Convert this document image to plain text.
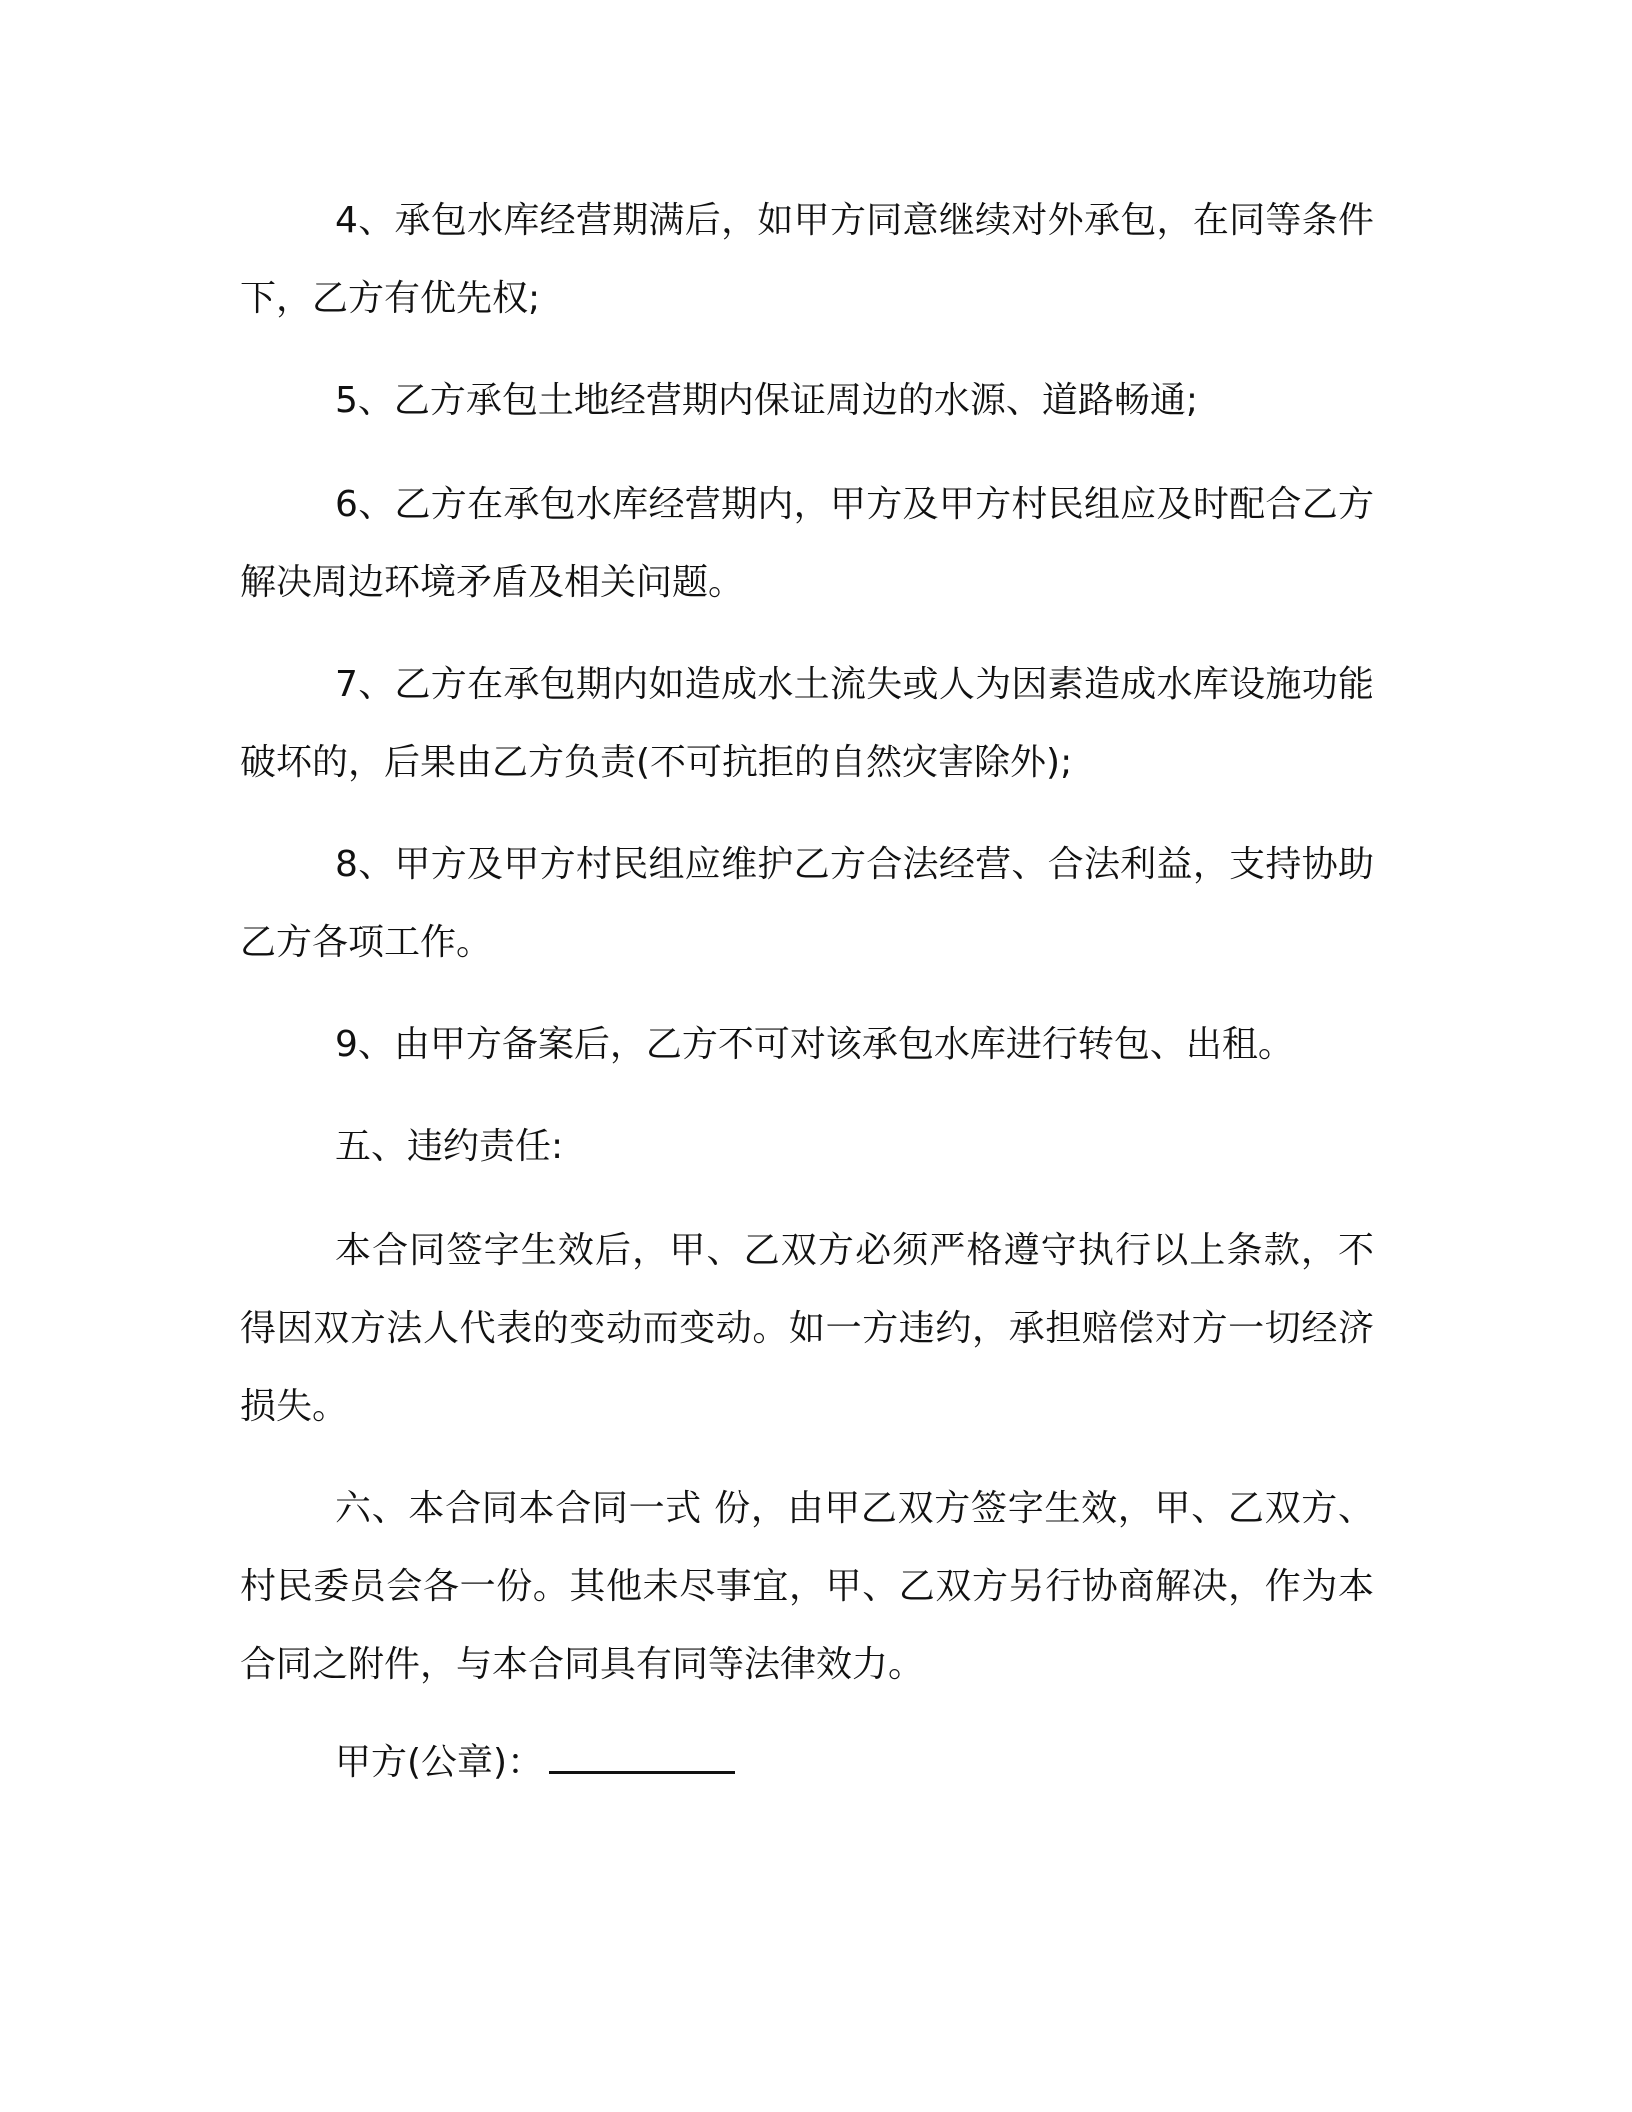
4、承包水库经营期满后，如甲方同意继续对外承包，在同等条件下，乙方有优先权;

5、乙方承包土地经营期内保证周边的水源、道路畅通;

6、乙方在承包水库经营期内，甲方及甲方村民组应及时配合乙方解决周边环境矛盾及相关问题。

7、乙方在承包期内如造成水土流失或人为因素造成水库设施功能破坏的，后果由乙方负责(不可抗拒的自然灾害除外);

8、甲方及甲方村民组应维护乙方合法经营、合法利益，支持协助乙方各项工作。

9、由甲方备案后，乙方不可对该承包水库进行转包、出租。

五、违约责任:

本合同签字生效后，甲、乙双方必须严格遵守执行以上条款，不得因双方法人代表的变动而变动。如一方违约，承担赔偿对方一切经济损失。

六、本合同本合同一式 份，由甲乙双方签字生效，甲、乙双方、村民委员会各一份。其他未尽事宜，甲、乙双方另行协商解决，作为本合同之附件，与本合同具有同等法律效力。

甲方(公章)：
